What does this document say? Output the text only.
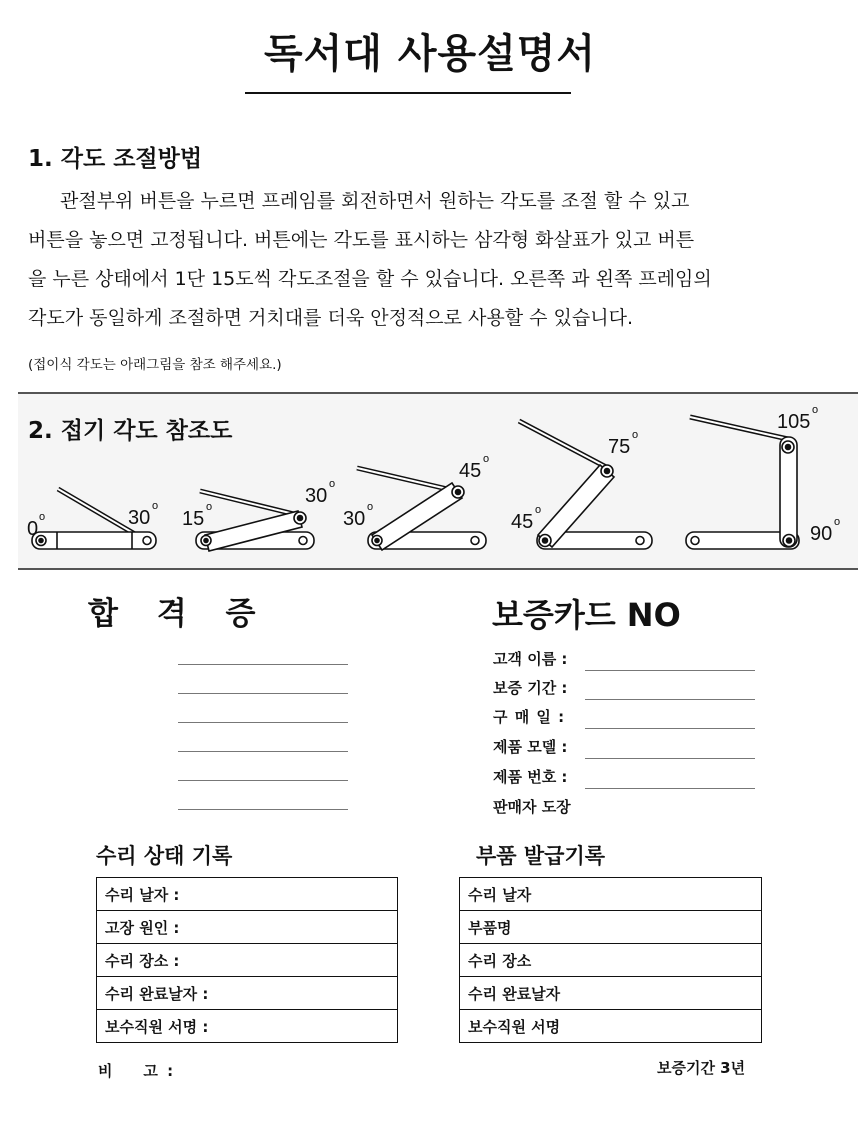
독서대 사용설명서
1. 각도 조절방법
관절부위 버튼을 누르면 프레임를 회전하면서 원하는 각도를 조절 할 수 있고
버튼을 놓으면 고정됩니다. 버튼에는 각도를 표시하는 삼각형 화살표가 있고 버튼
을 누른 상태에서 1단 15도씩 각도조절을 할 수 있습니다. 오른쪽 과 왼쪽 프레임의
각도가 동일하게 조절하면 거치대를 더욱 안정적으로 사용할 수 있습니다.
(접이식 각도는 아래그림을 참조 해주세요.)
2. 접기 각도 참조도
0
o	30
o
15
o	30
o
30
o
45
o
45
o
75
o
105
o
90
o
합 격 증	보증카드 NO
고객 이름 :
보증 기간 :
구 매 일 :
제품 모델 :
제품 번호 :
판매자 도장
수리 상태 기록
수리 날자 :
고장 원인 :
수리 장소 :
수리 완료날자 :
보수직원 서명 :
부품 발급기록
수리 날자
부품명
수리 장소
수리 완료날자
보수직원 서명
비    고 :	보증기간 3년
